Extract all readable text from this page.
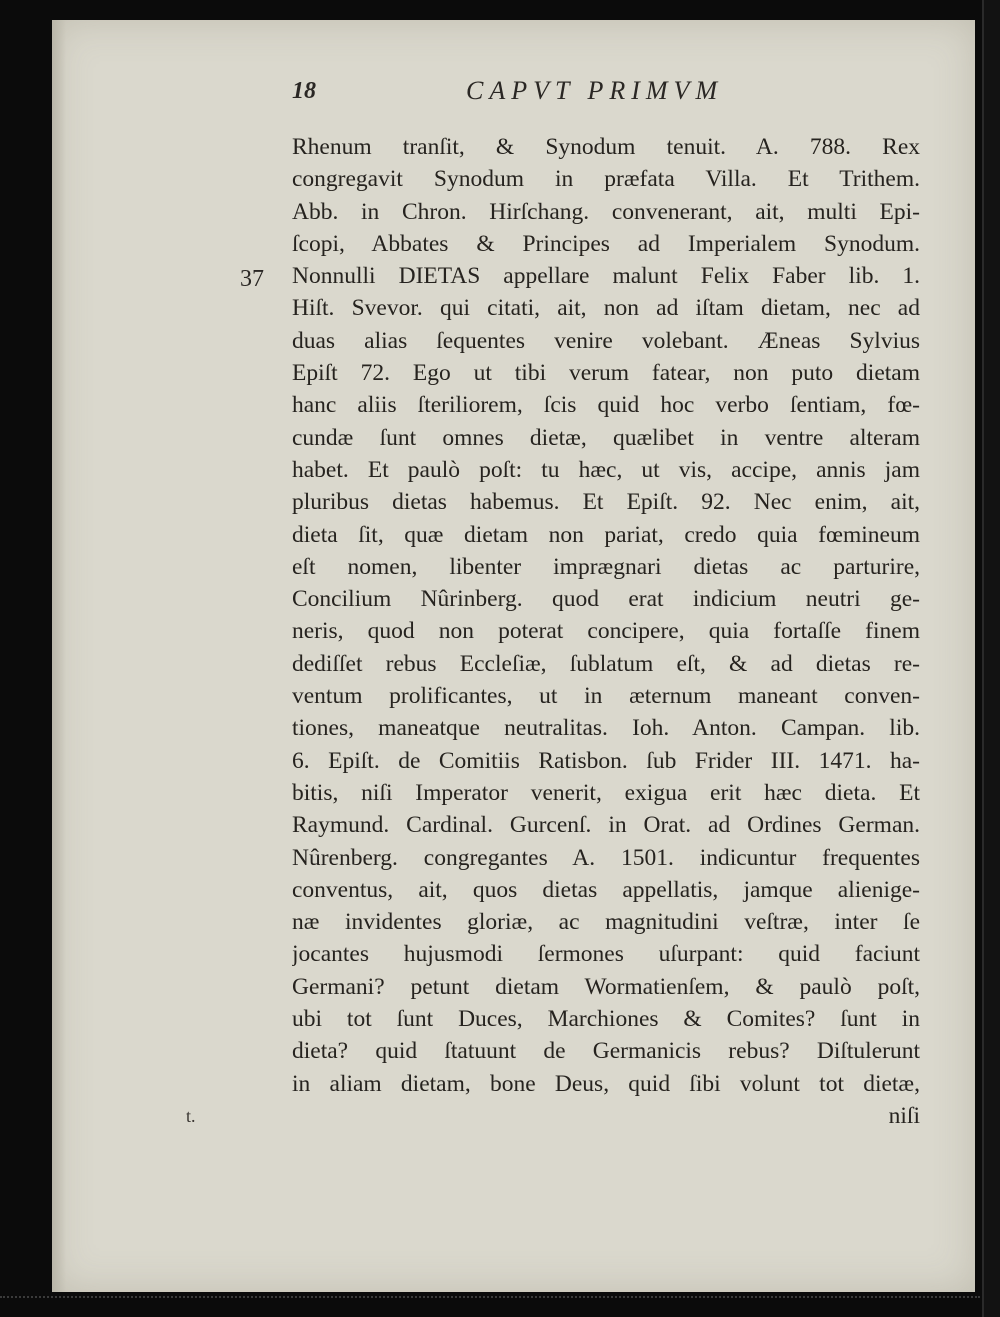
18	CAPVT PRIMVM
37
t.
Rhenum tranſit, & Synodum tenuit. A. 788. Rex
congregavit Synodum in præfata Villa. Et Trithem.
Abb. in Chron. Hirſchang. convenerant, ait, multi Epi-
ſcopi, Abbates & Principes ad Imperialem Synodum.
Nonnulli DIETAS appellare malunt Felix Faber lib. 1.
Hiſt. Svevor. qui citati, ait, non ad iſtam dietam, nec ad
duas alias ſequentes venire volebant. Æneas Sylvius
Epiſt 72. Ego ut tibi verum fatear, non puto dietam
hanc aliis ſteriliorem, ſcis quid hoc verbo ſentiam, fœ-
cundæ ſunt omnes dietæ, quælibet in ventre alteram
habet. Et paulò poſt: tu hæc, ut vis, accipe, annis jam
pluribus dietas habemus. Et Epiſt. 92. Nec enim, ait,
dieta ſit, quæ dietam non pariat, credo quia fœmineum
eſt nomen, libenter imprægnari dietas ac parturire,
Concilium Nûrinberg. quod erat indicium neutri ge-
neris, quod non poterat concipere, quia fortaſſe finem
dediſſet rebus Eccleſiæ, ſublatum eſt, & ad dietas re-
ventum prolificantes, ut in æternum maneant conven-
tiones, maneatque neutralitas. Ioh. Anton. Campan. lib.
6. Epiſt. de Comitiis Ratisbon. ſub Frider III. 1471. ha-
bitis, niſi Imperator venerit, exigua erit hæc dieta. Et
Raymund. Cardinal. Gurcenſ. in Orat. ad Ordines German.
Nûrenberg. congregantes A. 1501. indicuntur frequentes
conventus, ait, quos dietas appellatis, jamque alienige-
næ invidentes gloriæ, ac magnitudini veſtræ, inter ſe
jocantes hujusmodi ſermones uſurpant: quid faciunt
Germani? petunt dietam Wormatienſem, & paulò poſt,
ubi tot ſunt Duces, Marchiones & Comites? ſunt in
dieta? quid ſtatuunt de Germanicis rebus? Diſtulerunt
in aliam dietam, bone Deus, quid ſibi volunt tot dietæ,
niſi
